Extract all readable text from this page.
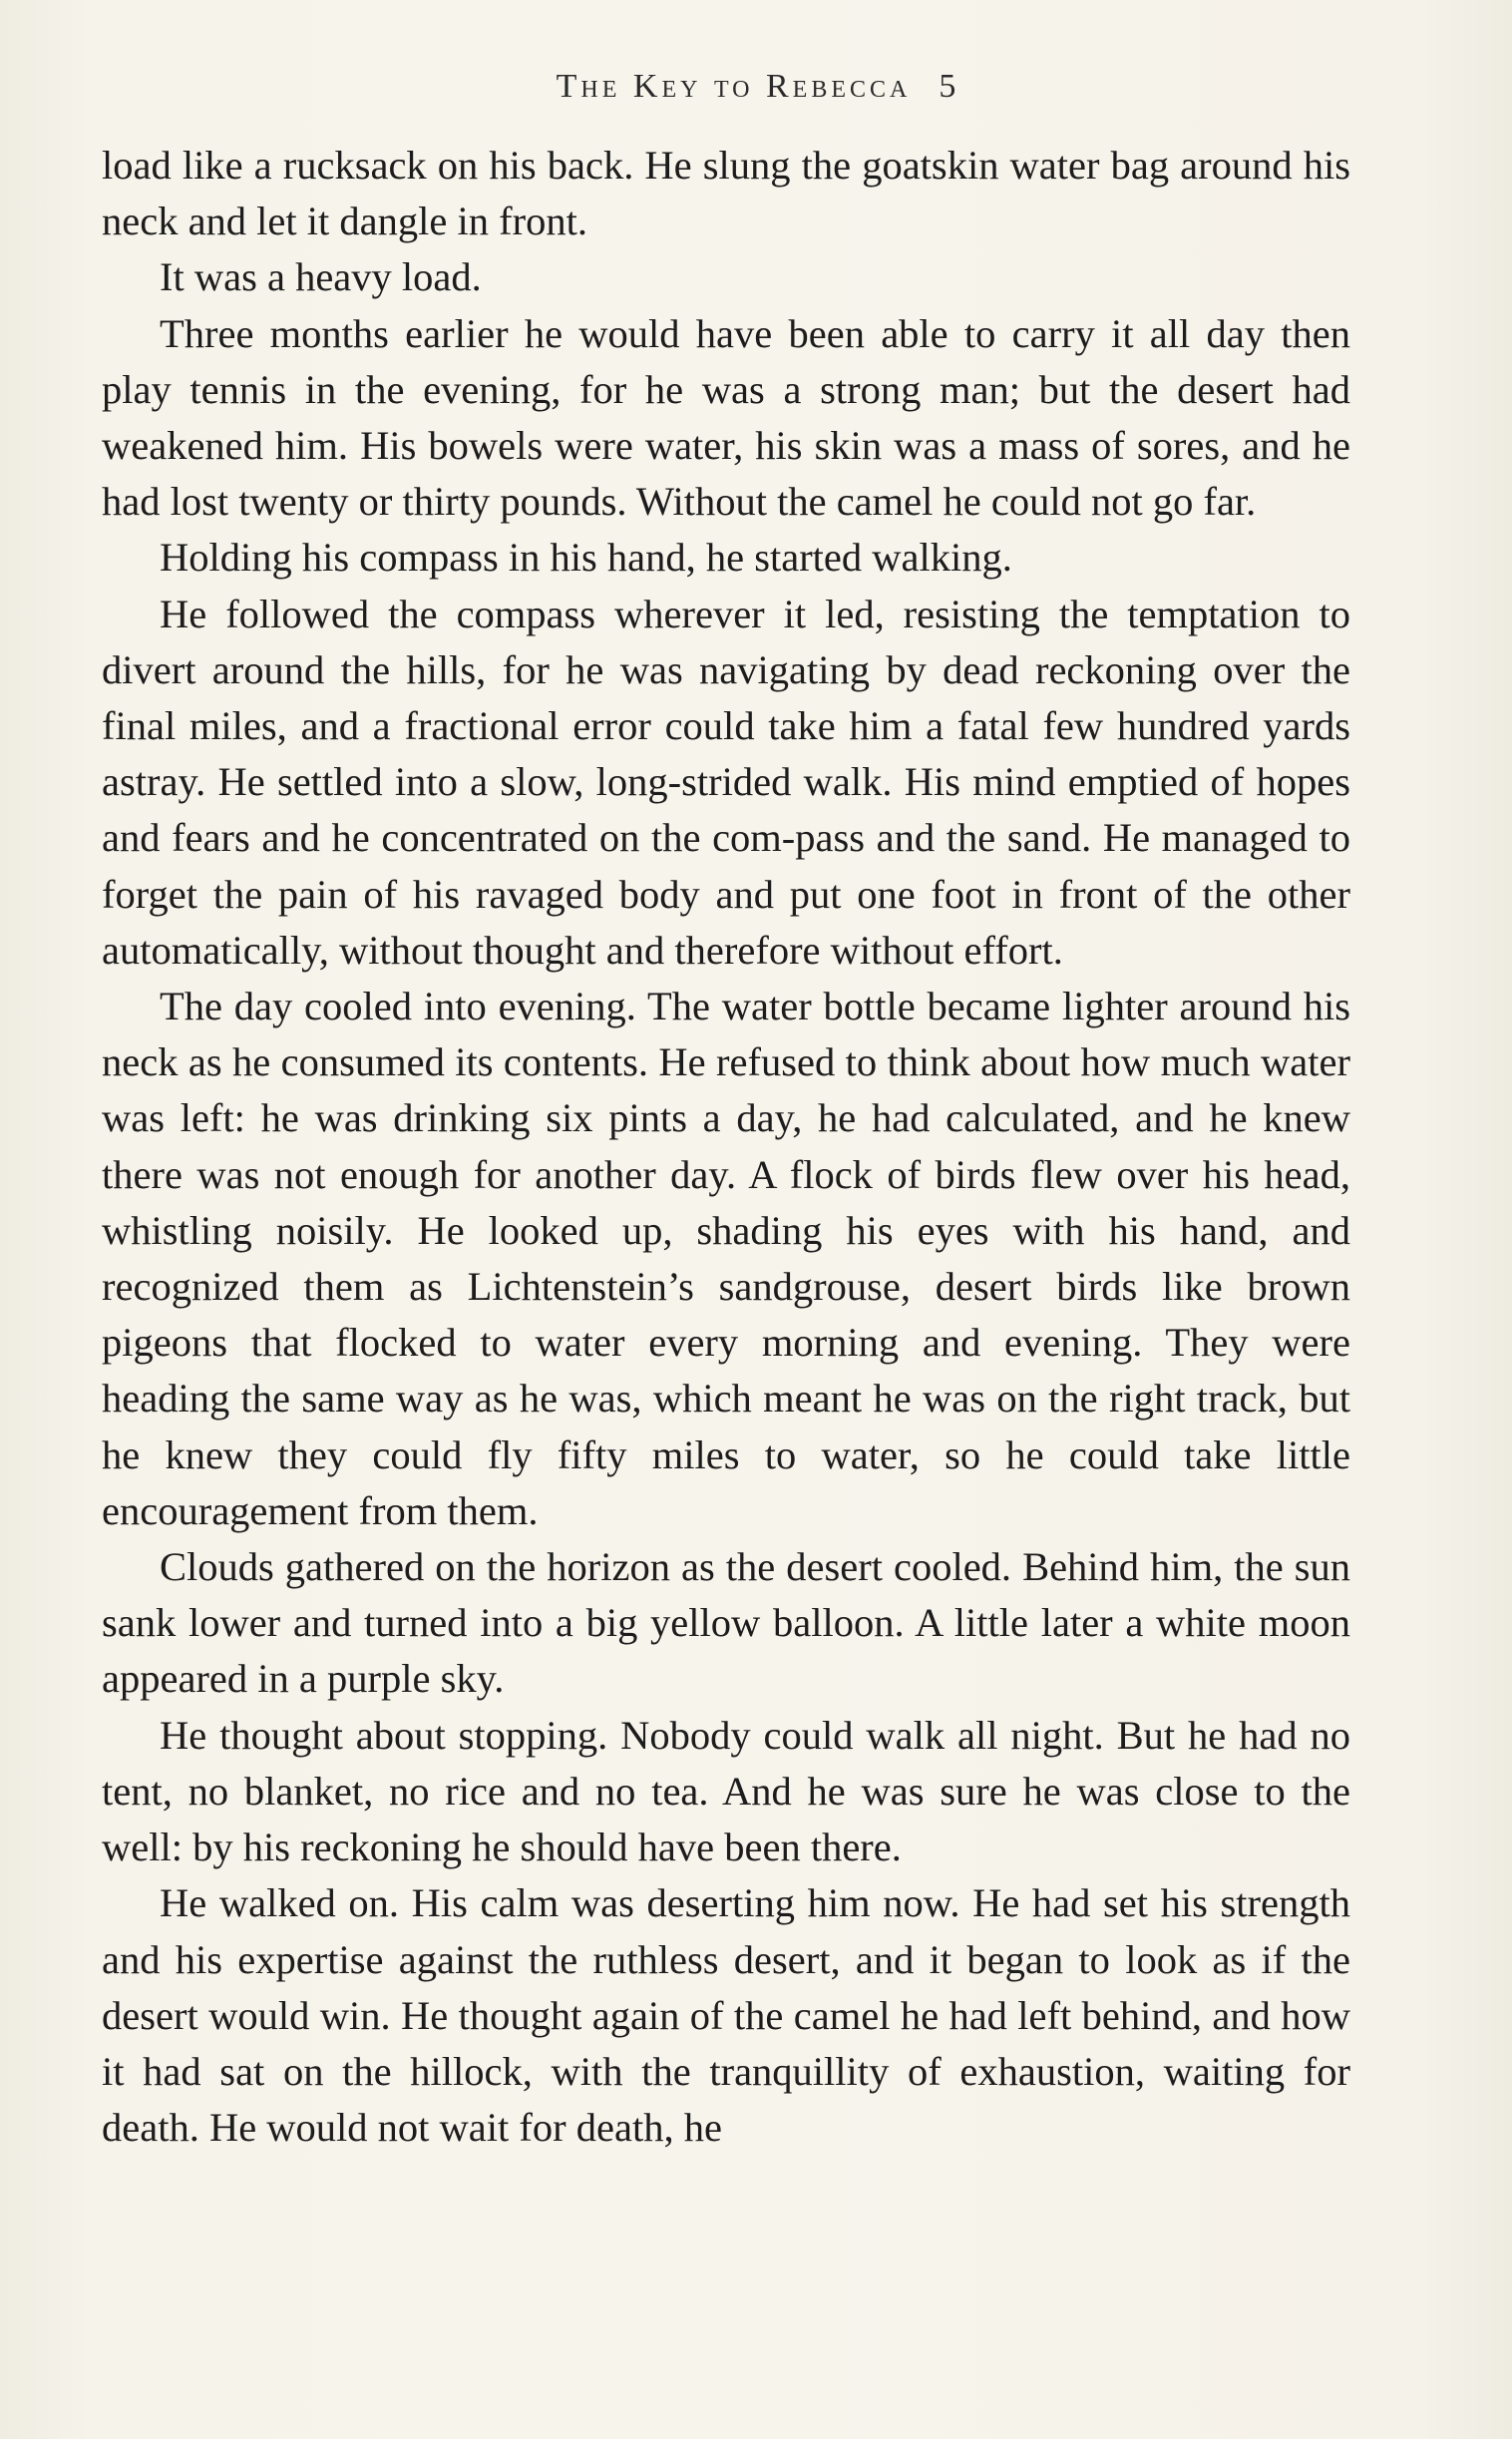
The Key to Rebecca 5

load like a rucksack on his back. He slung the goatskin water bag around his neck and let it dangle in front.

It was a heavy load.

Three months earlier he would have been able to carry it all day then play tennis in the evening, for he was a strong man; but the desert had weakened him. His bowels were water, his skin was a mass of sores, and he had lost twenty or thirty pounds. Without the camel he could not go far.

Holding his compass in his hand, he started walking.

He followed the compass wherever it led, resisting the temptation to divert around the hills, for he was navigating by dead reckoning over the final miles, and a fractional error could take him a fatal few hundred yards astray. He settled into a slow, long-strided walk. His mind emptied of hopes and fears and he concentrated on the com-pass and the sand. He managed to forget the pain of his ravaged body and put one foot in front of the other automatically, without thought and therefore without effort.

The day cooled into evening. The water bottle became lighter around his neck as he consumed its contents. He refused to think about how much water was left: he was drinking six pints a day, he had calculated, and he knew there was not enough for another day. A flock of birds flew over his head, whistling noisily. He looked up, shading his eyes with his hand, and recognized them as Lichtenstein’s sandgrouse, desert birds like brown pigeons that flocked to water every morning and evening. They were heading the same way as he was, which meant he was on the right track, but he knew they could fly fifty miles to water, so he could take little encouragement from them.

Clouds gathered on the horizon as the desert cooled. Behind him, the sun sank lower and turned into a big yellow balloon. A little later a white moon appeared in a purple sky.

He thought about stopping. Nobody could walk all night. But he had no tent, no blanket, no rice and no tea. And he was sure he was close to the well: by his reckoning he should have been there.

He walked on. His calm was deserting him now. He had set his strength and his expertise against the ruthless desert, and it began to look as if the desert would win. He thought again of the camel he had left behind, and how it had sat on the hillock, with the tranquillity of exhaustion, waiting for death. He would not wait for death, he
